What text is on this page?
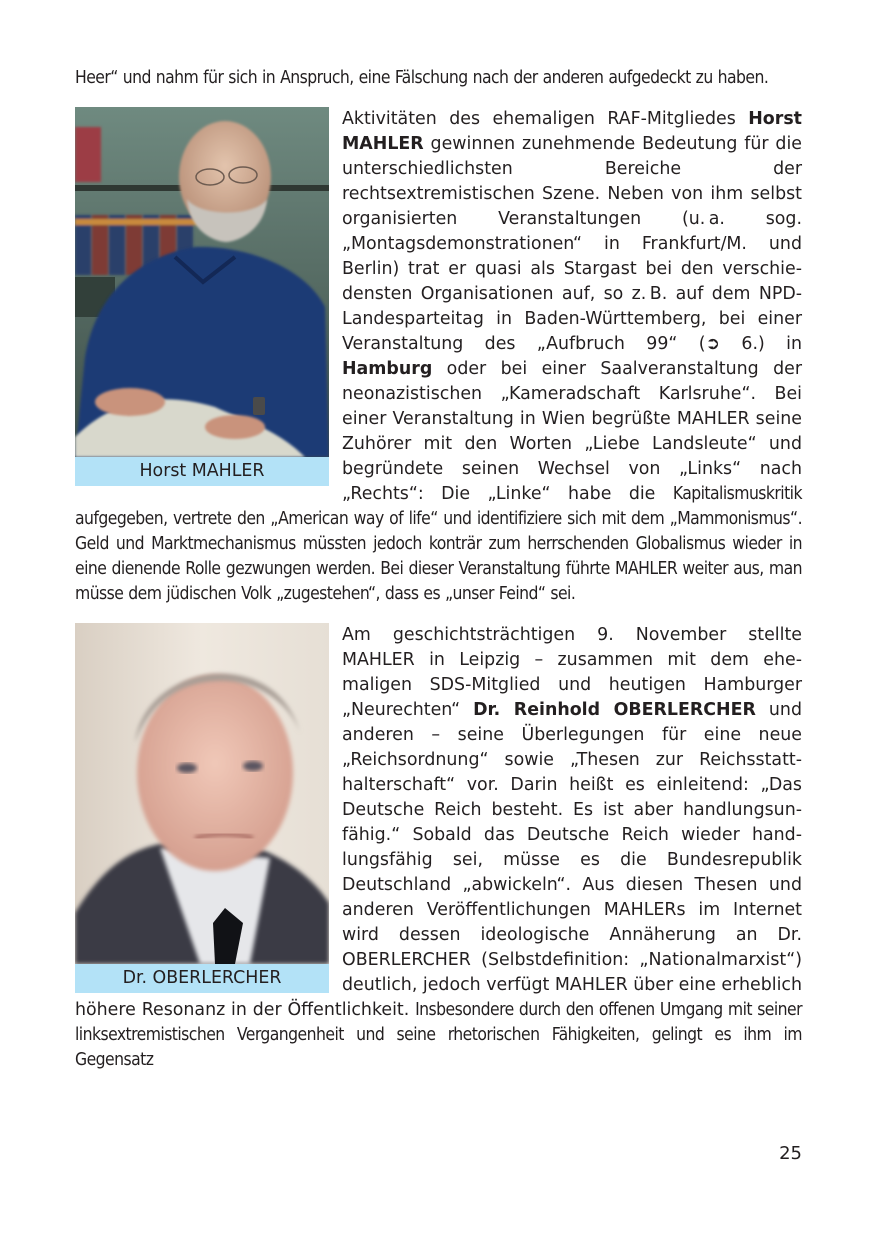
Heer“ und nahm für sich in Anspruch, eine Fälschung nach der anderen aufgedeckt zu haben.

Horst MAHLER

Aktivitäten des ehemaligen RAF-Mitgliedes Horst MAHLER gewinnen zunehmende Bedeutung für die unterschiedlichsten Bereiche der rechtsextremistischen Szene. Neben von ihm selbst organisierten Veranstaltungen (u. a. sog. „Montagsdemonstrationen“ in Frankfurt/M. und Berlin) trat er quasi als Stargast bei den verschiedensten Organisationen auf, so z. B. auf dem NPD-Landesparteitag in Baden-Württemberg, bei einer Veranstaltung des „Aufbruch 99“ (➲ 6.) in Hamburg oder bei einer Saalveranstaltung der neonazistischen „Kameradschaft Karlsruhe“. Bei einer Veranstaltung in Wien begrüßte MAHLER seine Zuhörer mit den Worten „Liebe Landsleute“ und begründete seinen Wechsel von „Links“ nach „Rechts“: Die „Linke“ habe die Kapitalismuskritik aufgegeben, vertrete den „American way of life“ und identifiziere sich mit dem „Mammonismus“. Geld und Marktmechanismus müssten jedoch konträr zum herrschenden Globalismus wieder in eine dienende Rolle gezwungen werden. Bei dieser Veranstaltung führte MAHLER weiter aus, man müsse dem jüdischen Volk „zugestehen“, dass es „unser Feind“ sei.

Dr. OBERLERCHER

Am geschichtsträchtigen 9. November stellte MAHLER in Leipzig – zusammen mit dem ehemaligen SDS-Mitglied und heutigen Hamburger „Neurechten“ Dr. Reinhold OBERLERCHER und anderen – seine Überlegungen für eine neue „Reichsordnung“ sowie „Thesen zur Reichsstatthalterschaft“ vor. Darin heißt es einleitend: „Das Deutsche Reich besteht. Es ist aber handlungsunfähig.“ Sobald das Deutsche Reich wieder handlungsfähig sei, müsse es die Bundesrepublik Deutschland „abwickeln“. Aus diesen Thesen und anderen Veröffentlichungen MAHLERs im Internet wird dessen ideologische Annäherung an Dr. OBERLERCHER (Selbstdefinition: „Nationalmarxist“) deutlich, jedoch verfügt MAHLER über eine erheblich höhere Resonanz in der Öffentlichkeit. Insbesondere durch den offenen Umgang mit seiner linksextremistischen Vergangenheit und seine rhetorischen Fähigkeiten, gelingt es ihm im Gegensatz

25
